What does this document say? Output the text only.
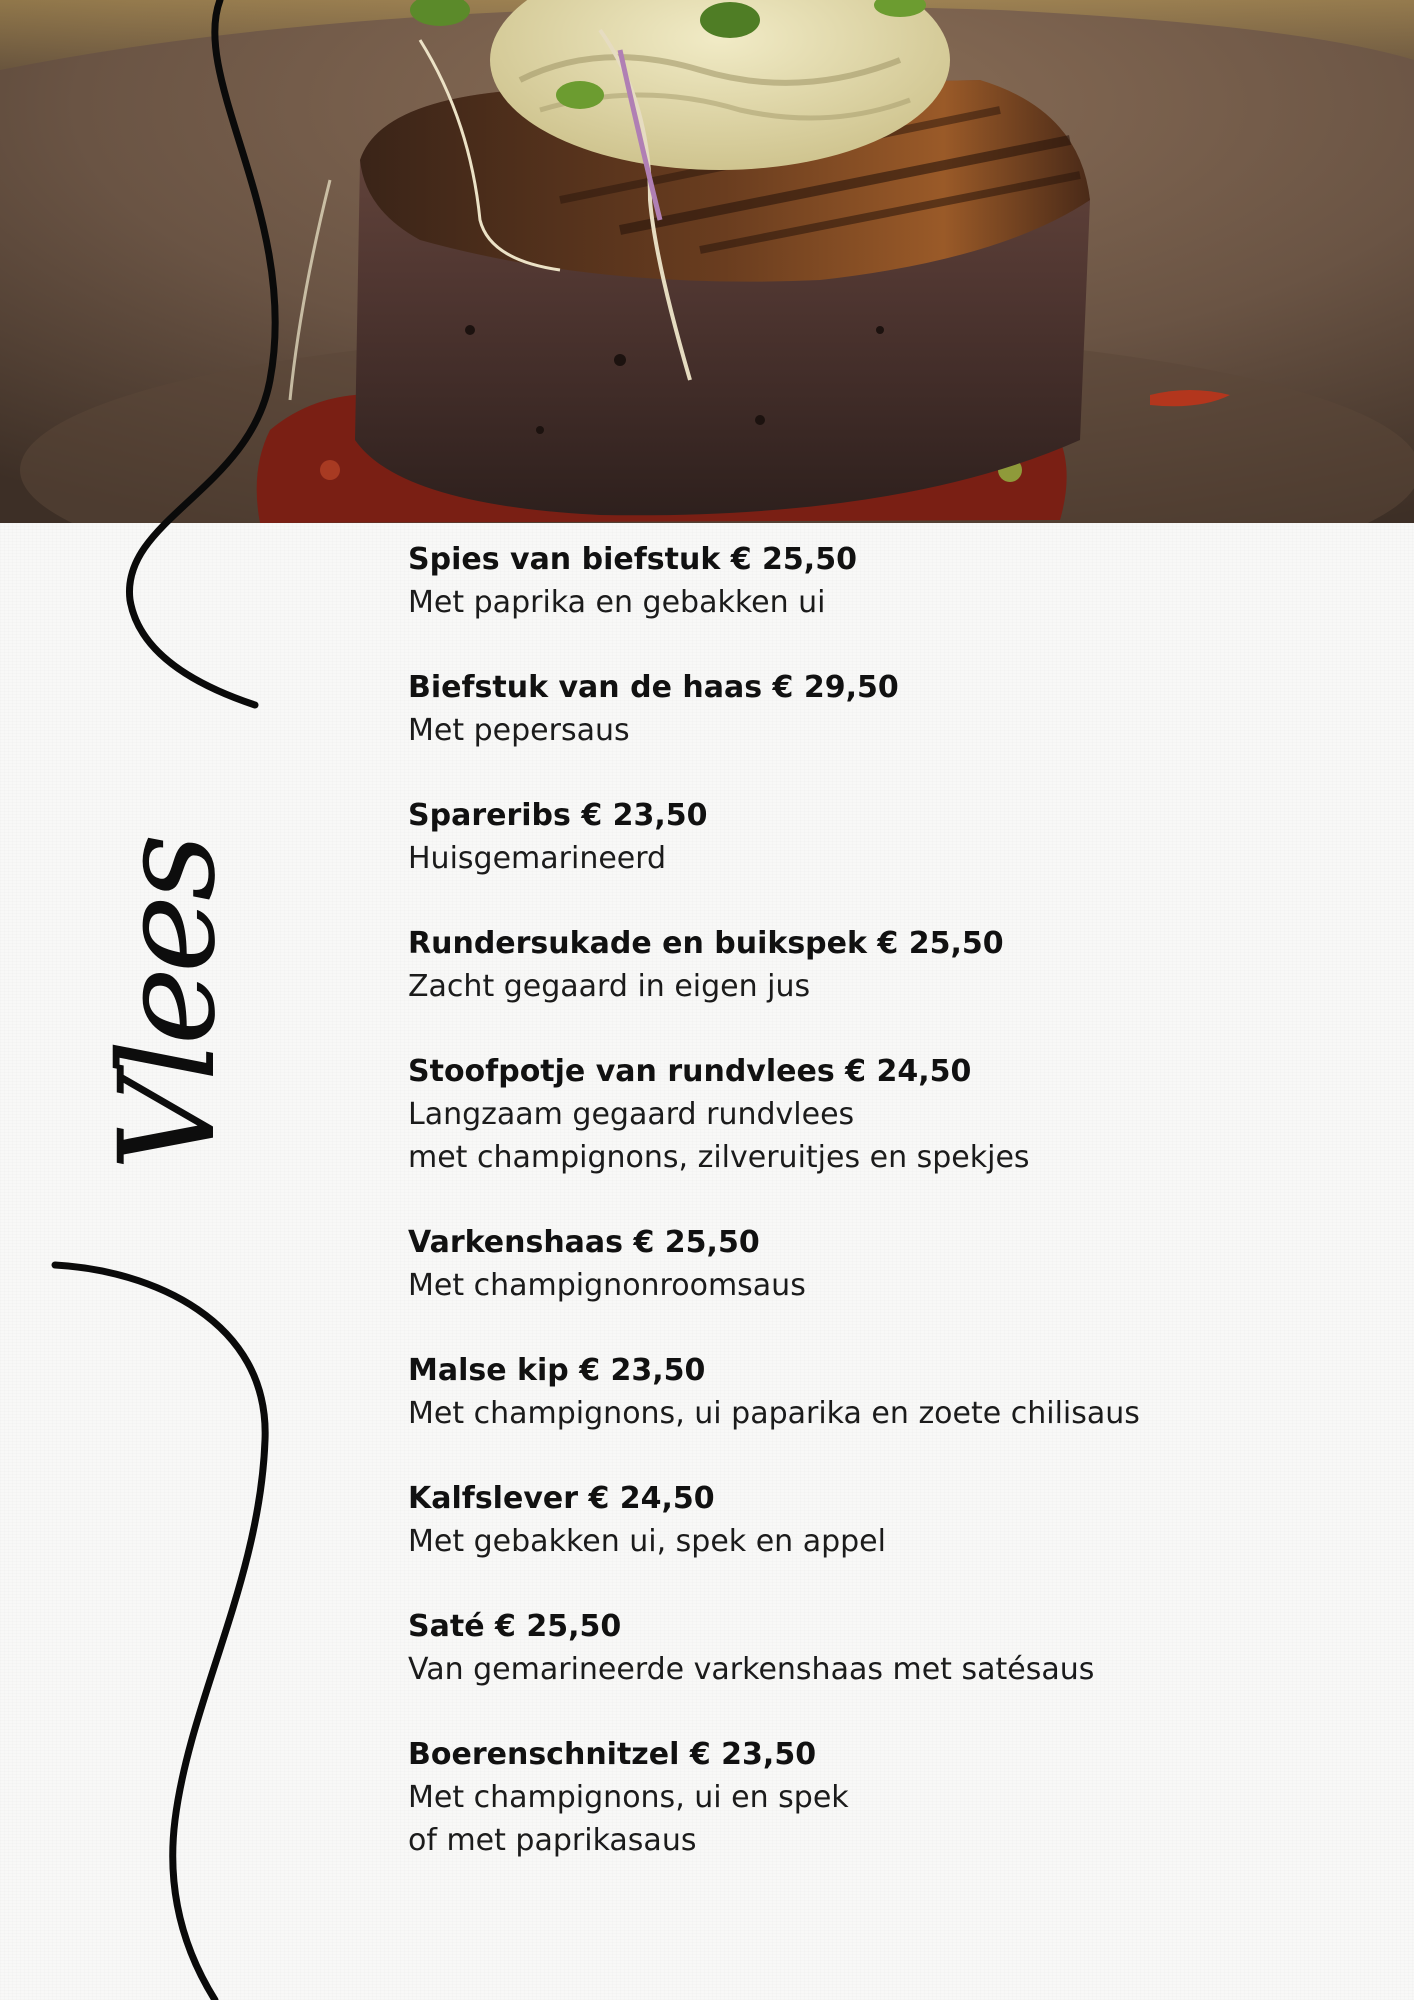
Vlees
Spies van biefstuk € 25,50
Met paprika en gebakken ui
Biefstuk van de haas € 29,50
Met pepersaus
Spareribs € 23,50
Huisgemarineerd
Rundersukade en buikspek € 25,50
Zacht gegaard in eigen jus
Stoofpotje van rundvlees € 24,50
Langzaam gegaard rundvlees
met champignons, zilveruitjes en spekjes
Varkenshaas € 25,50
Met champignonroomsaus
Malse kip € 23,50
Met champignons, ui paparika en zoete chilisaus
Kalfslever € 24,50
Met gebakken ui, spek en appel
Saté € 25,50
Van gemarineerde varkenshaas met satésaus
Boerenschnitzel € 23,50
Met champignons, ui en spek
of met paprikasaus
